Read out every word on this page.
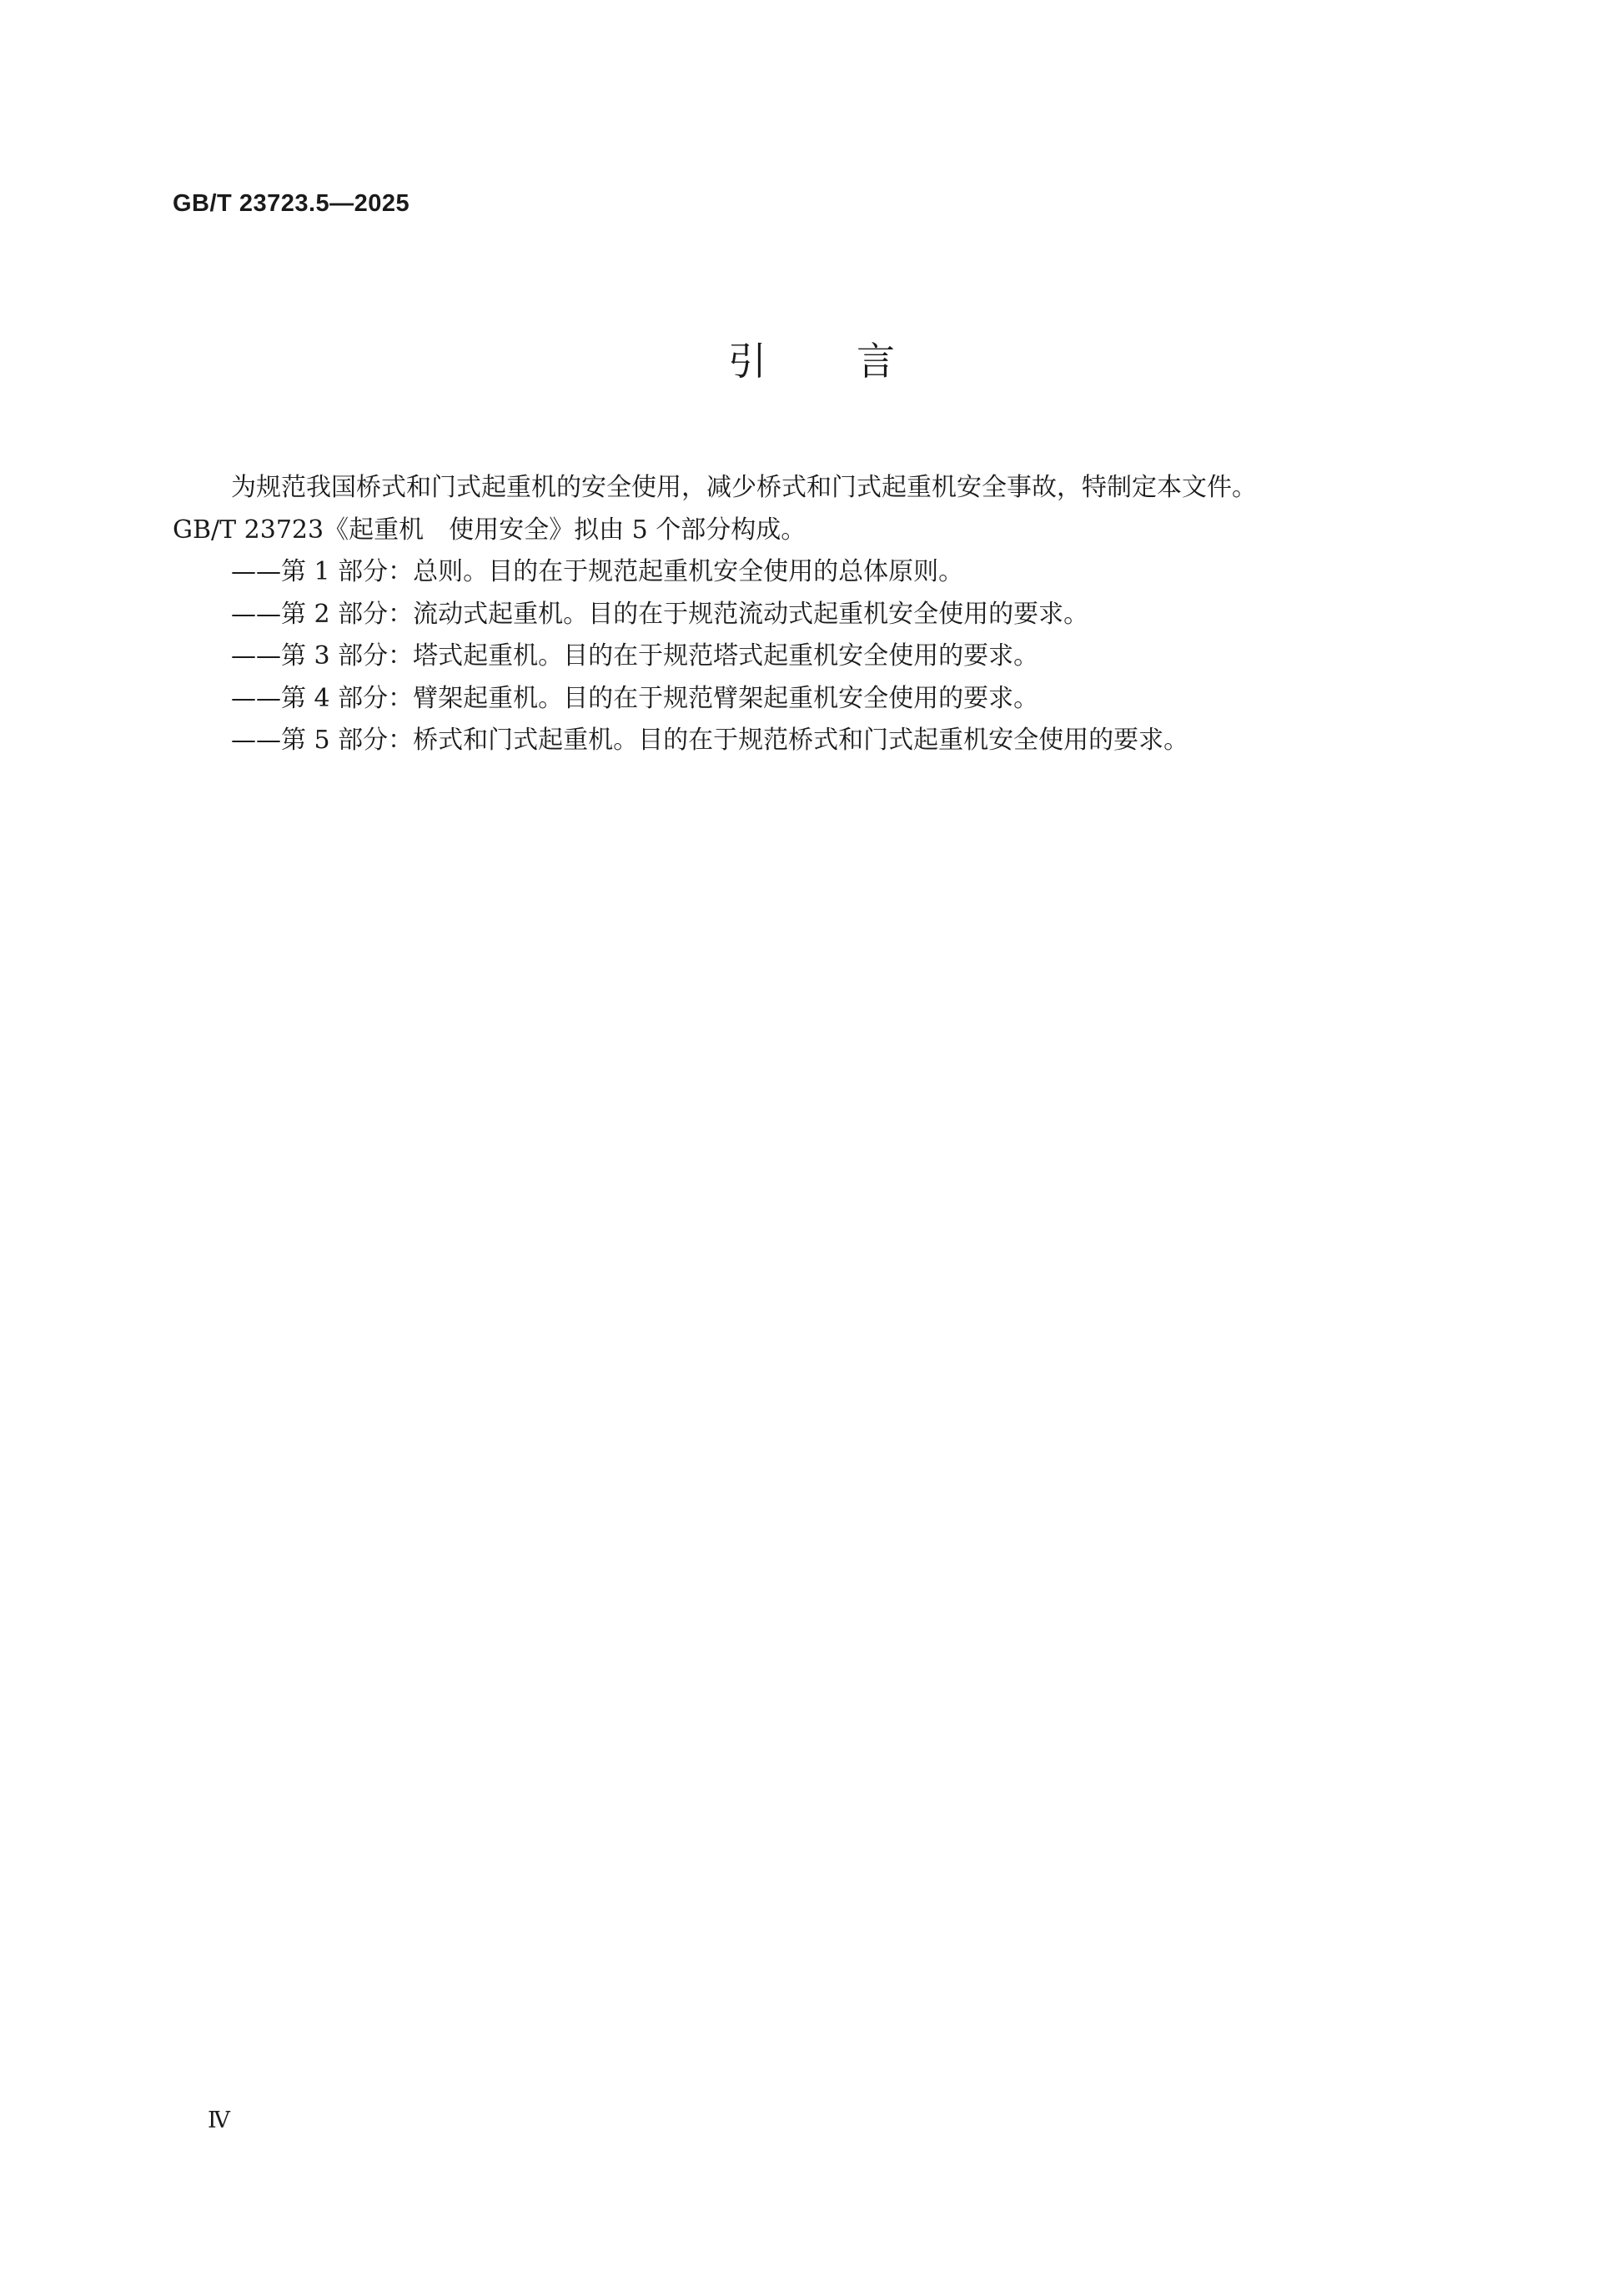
GB/T 23723.5—2025
引言

为规范我国桥式和门式起重机的安全使用，减少桥式和门式起重机安全事故，特制定本文件。

GB/T 23723《起重机　使用安全》拟由 5 个部分构成。

——第 1 部分：总则。目的在于规范起重机安全使用的总体原则。

——第 2 部分：流动式起重机。目的在于规范流动式起重机安全使用的要求。

——第 3 部分：塔式起重机。目的在于规范塔式起重机安全使用的要求。

——第 4 部分：臂架起重机。目的在于规范臂架起重机安全使用的要求。

——第 5 部分：桥式和门式起重机。目的在于规范桥式和门式起重机安全使用的要求。

Ⅳ
